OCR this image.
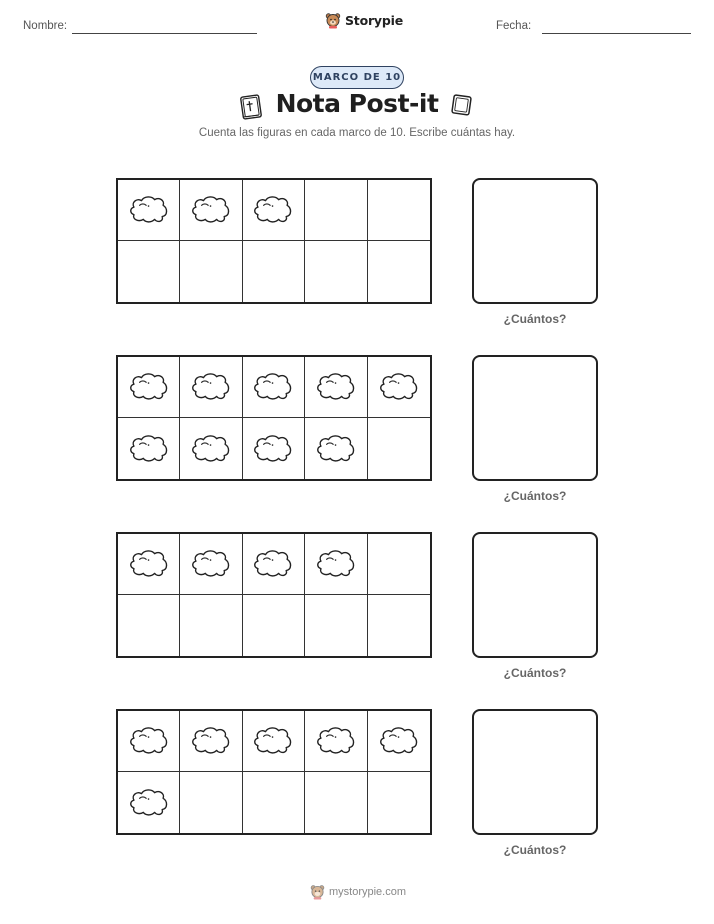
Nombre:	Storypie	Fecha:
MARCO DE 10
Nota Post-it
Cuenta las figuras en cada marco de 10. Escribe cuántas hay.
¿Cuántos?
¿Cuántos?
¿Cuántos?
¿Cuántos?
mystorypie.com
